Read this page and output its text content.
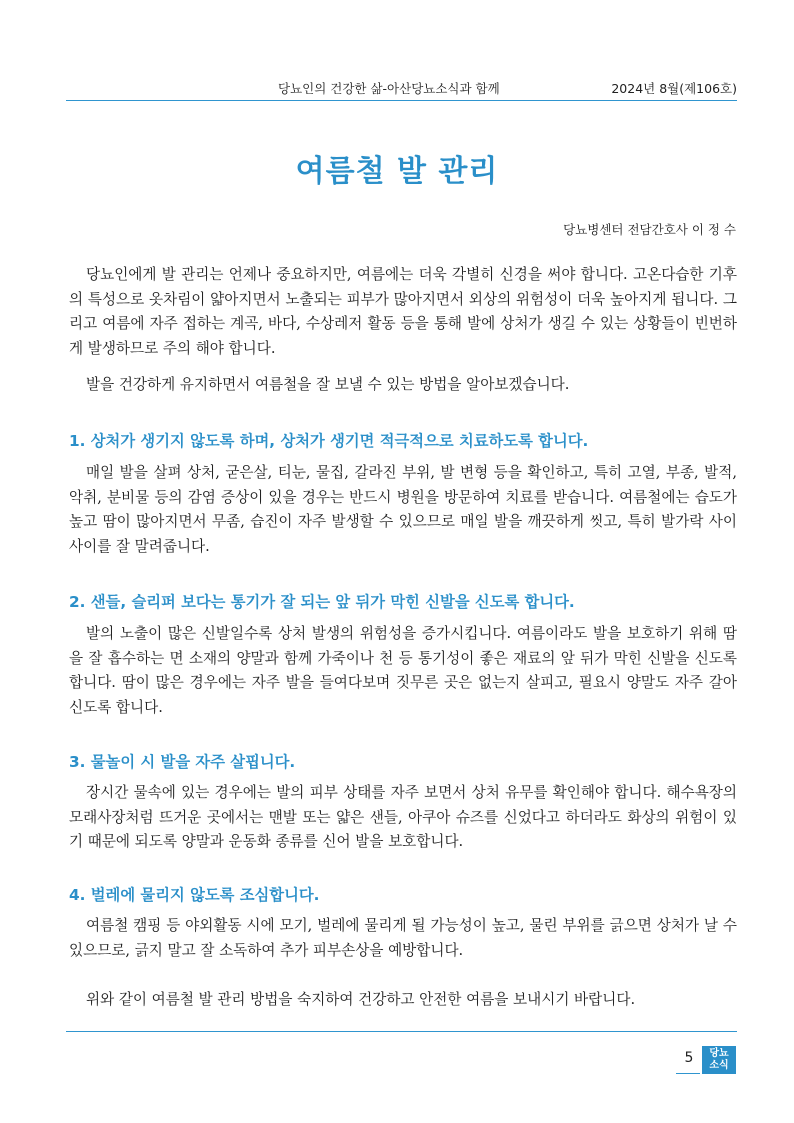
당뇨인의 건강한 삶-아산당뇨소식과 함께	2024년 8월(제106호)
여름철 발 관리
당뇨병센터 전담간호사 이 정 수

당뇨인에게 발 관리는 언제나 중요하지만, 여름에는 더욱 각별히 신경을 써야 합니다. 고온다습한 기후의 특성으로 옷차림이 얇아지면서 노출되는 피부가 많아지면서 외상의 위험성이 더욱 높아지게 됩니다. 그리고 여름에 자주 접하는 계곡, 바다, 수상레저 활동 등을 통해 발에 상처가 생길 수 있는 상황들이 빈번하게 발생하므로 주의 해야 합니다.

발을 건강하게 유지하면서 여름철을 잘 보낼 수 있는 방법을 알아보겠습니다.

1. 상처가 생기지 않도록 하며, 상처가 생기면 적극적으로 치료하도록 합니다.

매일 발을 살펴 상처, 굳은살, 티눈, 물집, 갈라진 부위, 발 변형 등을 확인하고, 특히 고열, 부종, 발적, 악취, 분비물 등의 감염 증상이 있을 경우는 반드시 병원을 방문하여 치료를 받습니다. 여름철에는 습도가 높고 땀이 많아지면서 무좀, 습진이 자주 발생할 수 있으므로 매일 발을 깨끗하게 씻고, 특히 발가락 사이사이를 잘 말려줍니다.

2. 샌들, 슬리퍼 보다는 통기가 잘 되는 앞 뒤가 막힌 신발을 신도록 합니다.

발의 노출이 많은 신발일수록 상처 발생의 위험성을 증가시킵니다. 여름이라도 발을 보호하기 위해 땀을 잘 흡수하는 면 소재의 양말과 함께 가죽이나 천 등 통기성이 좋은 재료의 앞 뒤가 막힌 신발을 신도록 합니다. 땀이 많은 경우에는 자주 발을 들여다보며 짓무른 곳은 없는지 살피고, 필요시 양말도 자주 갈아 신도록 합니다.

3. 물놀이 시 발을 자주 살핍니다.

장시간 물속에 있는 경우에는 발의 피부 상태를 자주 보면서 상처 유무를 확인해야 합니다. 해수욕장의 모래사장처럼 뜨거운 곳에서는 맨발 또는 얇은 샌들, 아쿠아 슈즈를 신었다고 하더라도 화상의 위험이 있기 때문에 되도록 양말과 운동화 종류를 신어 발을 보호합니다.

4. 벌레에 물리지 않도록 조심합니다.

여름철 캠핑 등 야외활동 시에 모기, 벌레에 물리게 될 가능성이 높고, 물린 부위를 긁으면 상처가 날 수 있으므로, 긁지 말고 잘 소독하여 추가 피부손상을 예방합니다.

위와 같이 여름철 발 관리 방법을 숙지하여 건강하고 안전한 여름을 보내시기 바랍니다.

5	당뇨
소식
